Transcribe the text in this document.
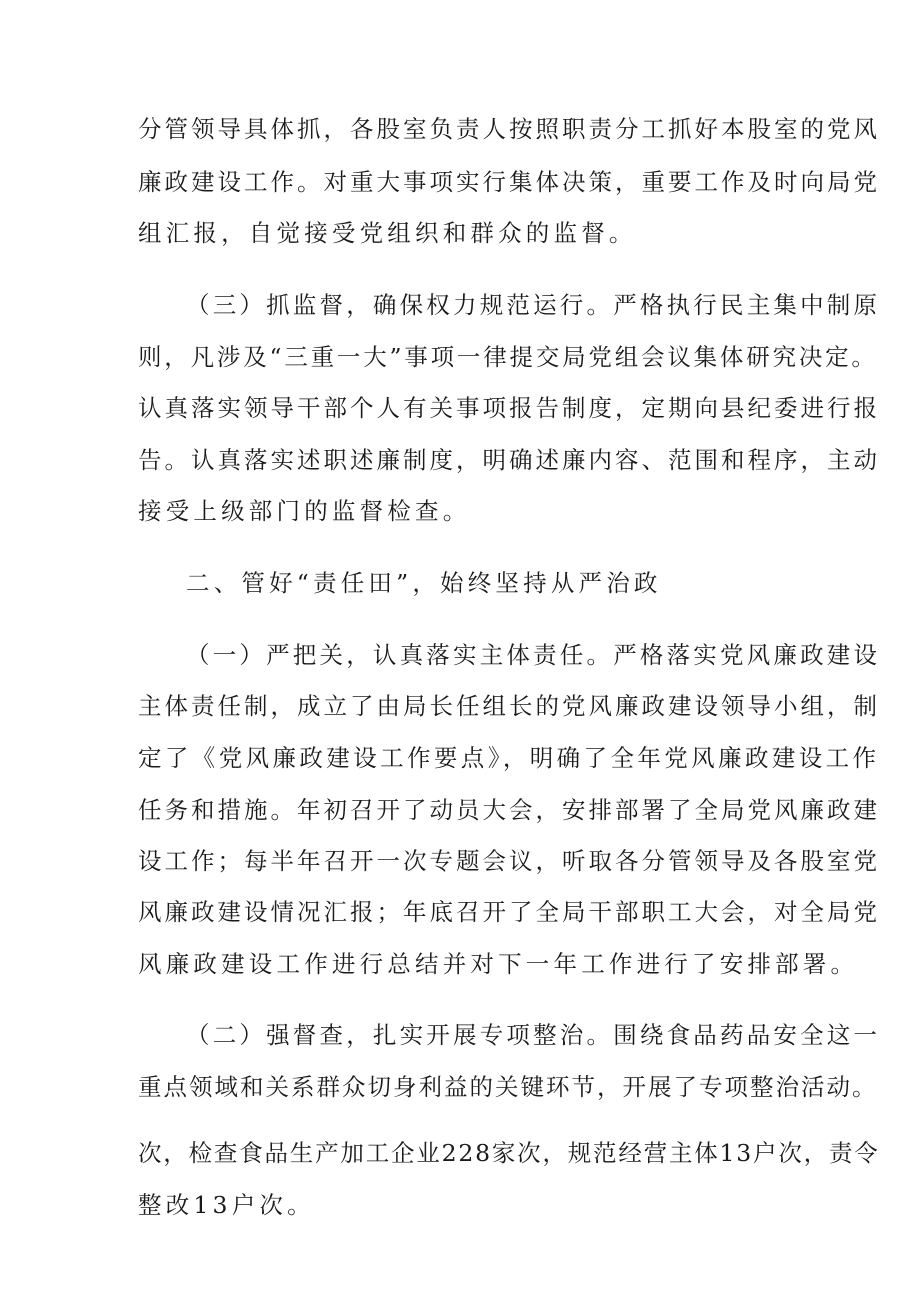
分管领导具体抓，各股室负责人按照职责分工抓好本股室的党风
廉政建设工作。对重大事项实行集体决策，重要工作及时向局党
组汇报，自觉接受党组织和群众的监督。
（三）抓监督，确保权力规范运行。严格执行民主集中制原
则，凡涉及“三重一大”事项一律提交局党组会议集体研究决定。
认真落实领导干部个人有关事项报告制度，定期向县纪委进行报
告。认真落实述职述廉制度，明确述廉内容、范围和程序，主动
接受上级部门的监督检查。
二、管好“责任田”，始终坚持从严治政
（一）严把关，认真落实主体责任。严格落实党风廉政建设
主体责任制，成立了由局长任组长的党风廉政建设领导小组，制
定了《党风廉政建设工作要点》，明确了全年党风廉政建设工作
任务和措施。年初召开了动员大会，安排部署了全局党风廉政建
设工作；每半年召开一次专题会议，听取各分管领导及各股室党
风廉政建设情况汇报；年底召开了全局干部职工大会，对全局党
风廉政建设工作进行总结并对下一年工作进行了安排部署。
（二）强督查，扎实开展专项整治。围绕食品药品安全这一
重点领域和关系群众切身利益的关键环节，开展了专项整治活动。
次，检查食品生产加工企业228家次，规范经营主体13户次，责令
整改13户次。
